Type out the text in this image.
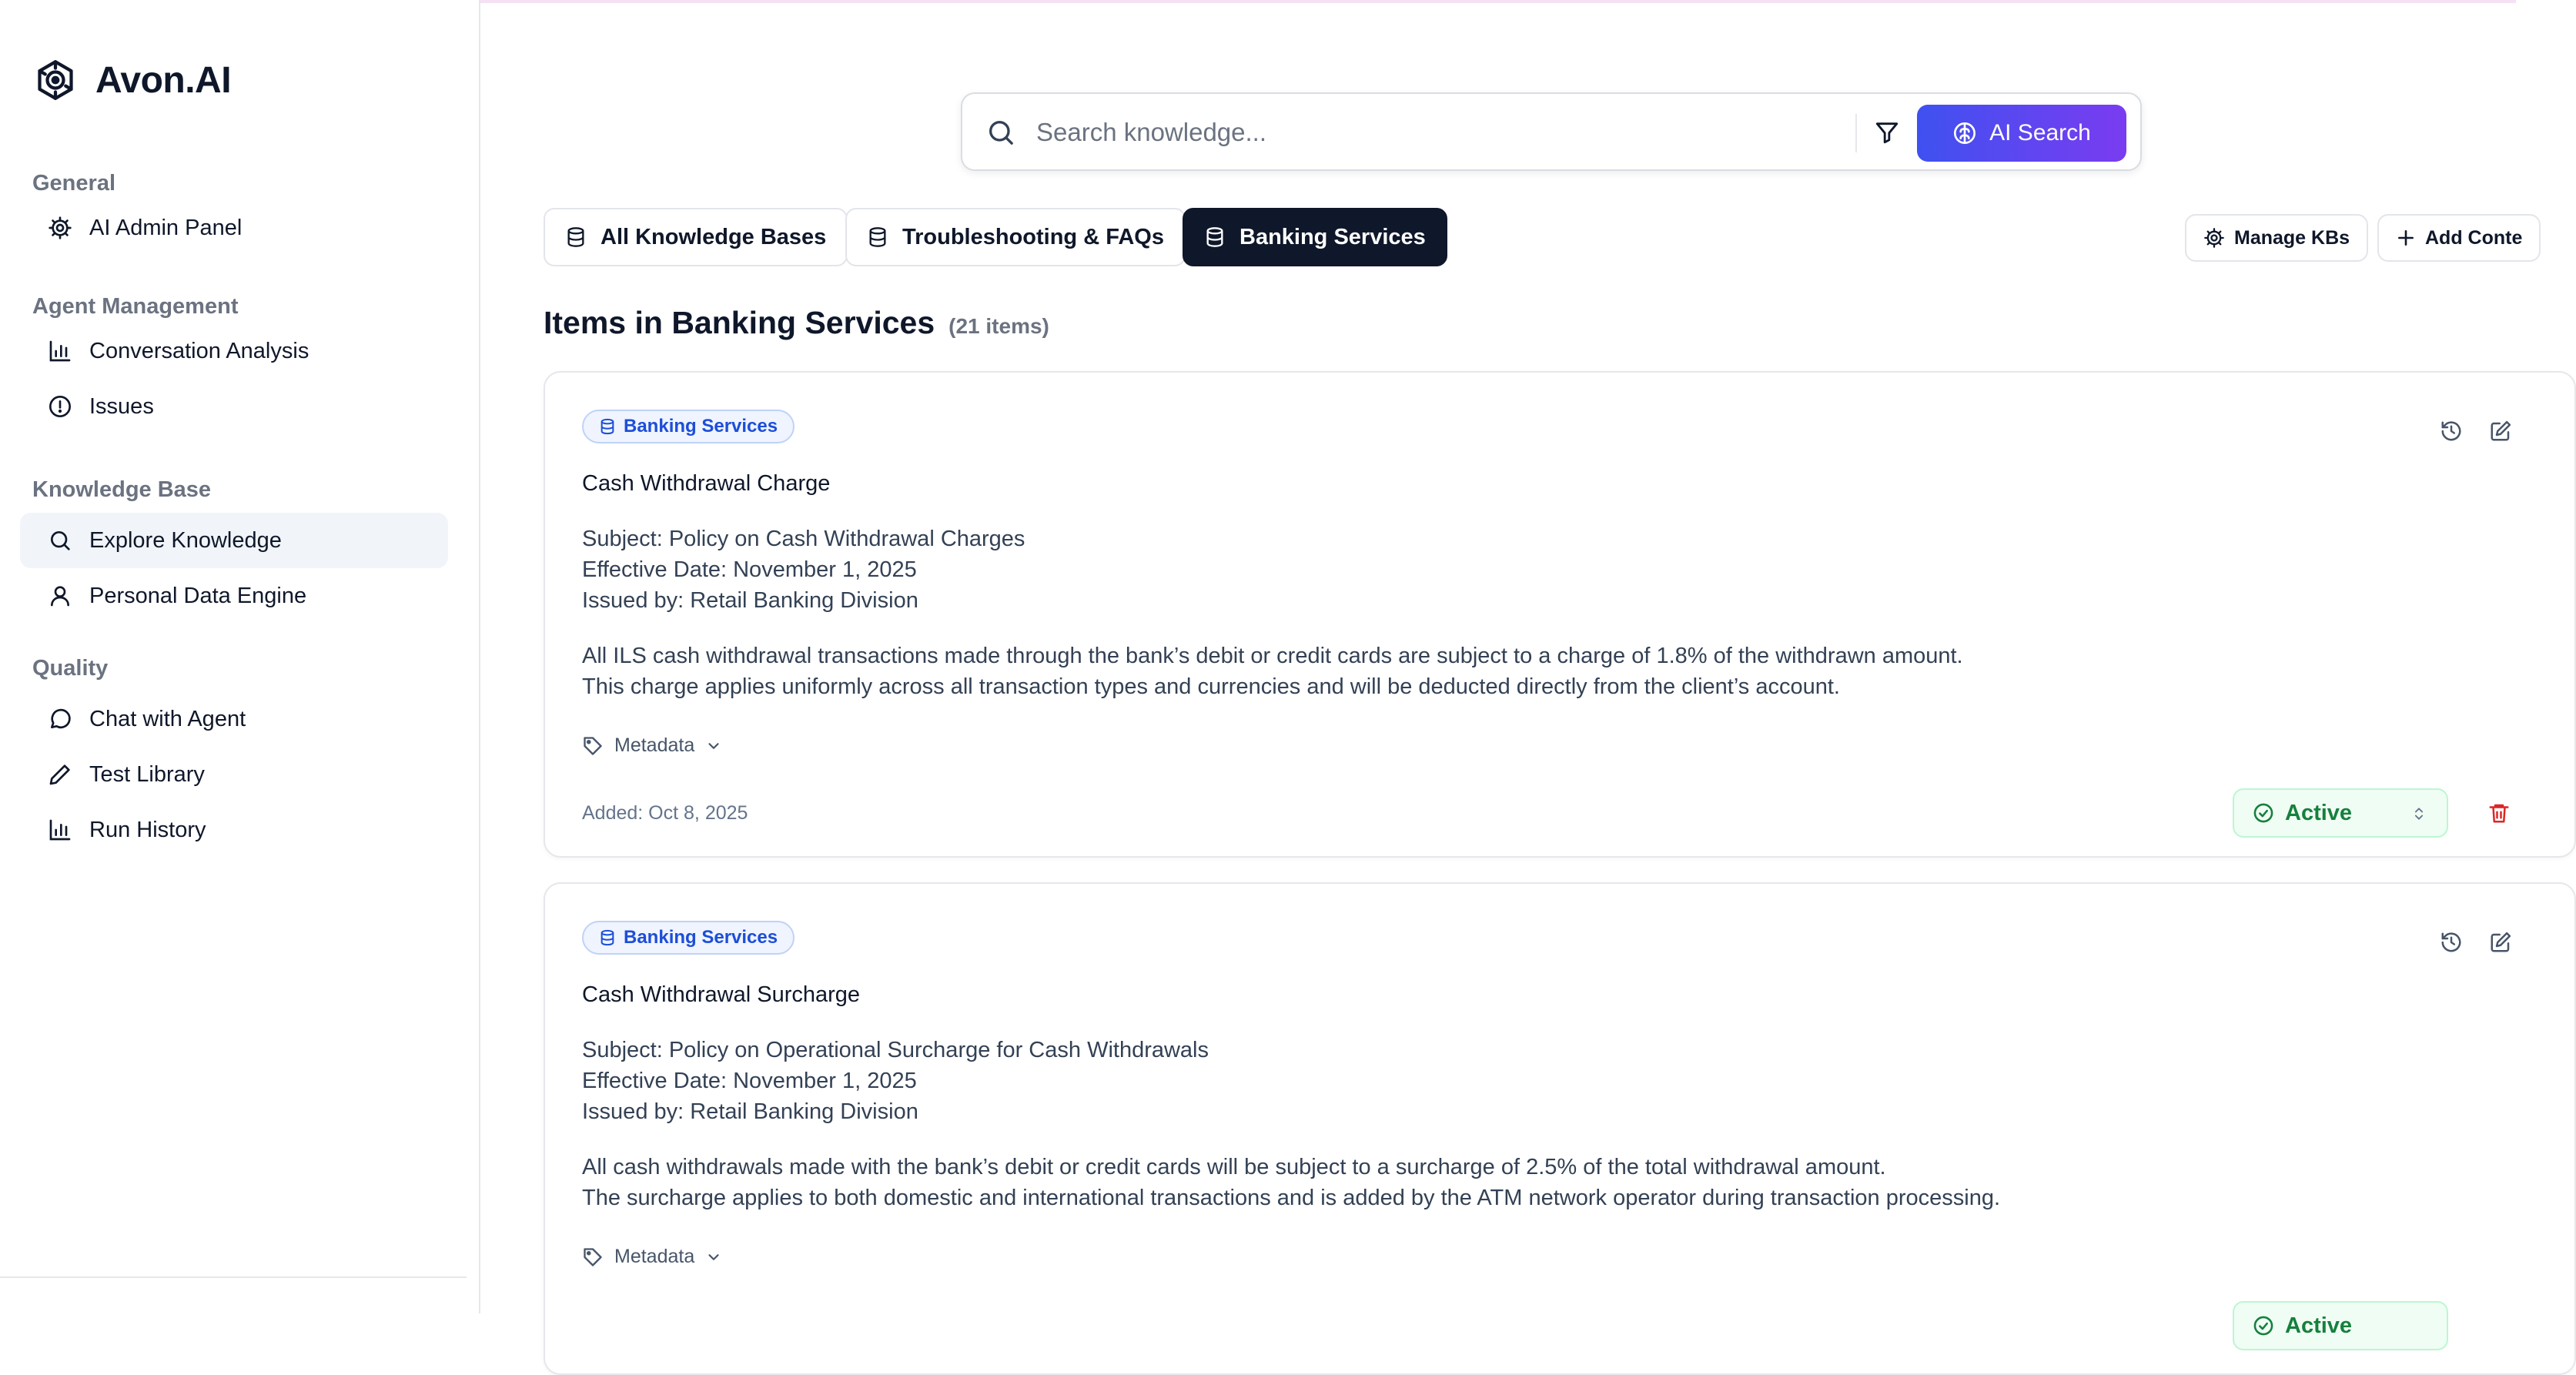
Avon.AI
General
AI Admin Panel
Agent Management
Conversation Analysis
Issues
Knowledge Base
Explore Knowledge
Personal Data Engine
Quality
Chat with Agent
Test Library
Run History
Search knowledge...
AI Search
All Knowledge Bases	Troubleshooting & FAQs	Banking Services	Manage KBs	Add Conte
Items in Banking Services (21 items)
Banking Services
Cash Withdrawal Charge
Subject: Policy on Cash Withdrawal Charges
Effective Date: November 1, 2025
Issued by: Retail Banking Division
All ILS cash withdrawal transactions made through the bank’s debit or credit cards are subject to a charge of 1.8% of the withdrawn amount.
This charge applies uniformly across all transaction types and currencies and will be deducted directly from the client’s account.
Metadata
Added: Oct 8, 2025	Active
Banking Services
Cash Withdrawal Surcharge
Subject: Policy on Operational Surcharge for Cash Withdrawals
Effective Date: November 1, 2025
Issued by: Retail Banking Division
All cash withdrawals made with the bank’s debit or credit cards will be subject to a surcharge of 2.5% of the total withdrawal amount.
The surcharge applies to both domestic and international transactions and is added by the ATM network operator during transaction processing.
Metadata
Active
